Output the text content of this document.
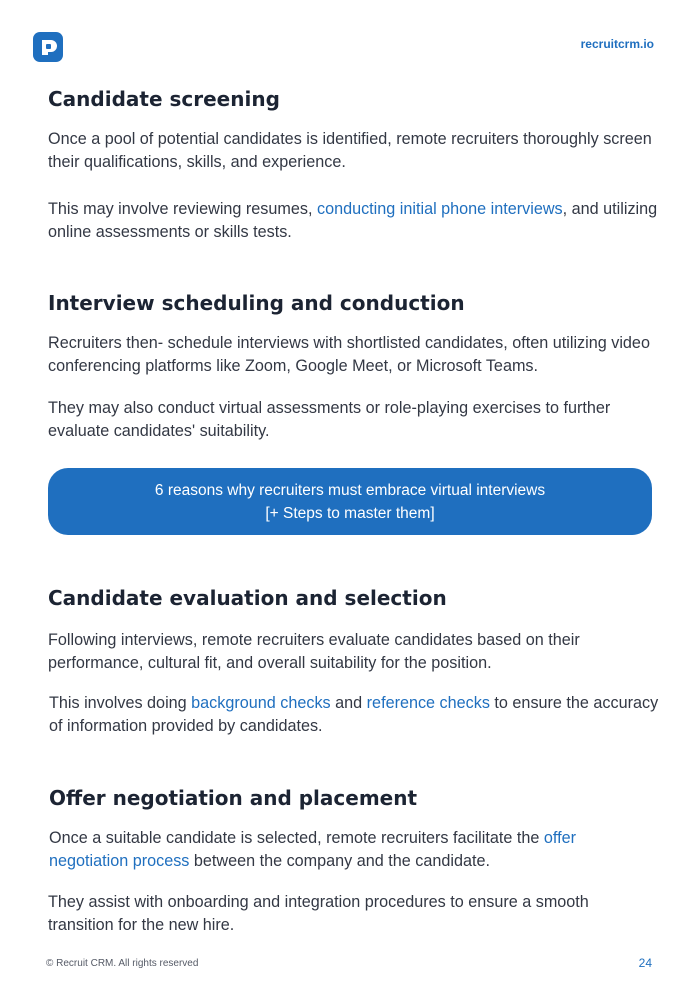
recruitcrm.io
Candidate screening

Once a pool of potential candidates is identified, remote recruiters thoroughly screen their qualifications, skills, and experience.

This may involve reviewing resumes, conducting initial phone interviews, and utilizing online assessments or skills tests.

Interview scheduling and conduction

Recruiters then- schedule interviews with shortlisted candidates, often utilizing video conferencing platforms like Zoom, Google Meet, or Microsoft Teams.

They may also conduct virtual assessments or role-playing exercises to further evaluate candidates' suitability.

6 reasons why recruiters must embrace virtual interviews
[+ Steps to master them]
Candidate evaluation and selection

Following interviews, remote recruiters evaluate candidates based on their performance, cultural fit, and overall suitability for the position.

This involves doing background checks and reference checks to ensure the accuracy of information provided by candidates.

Offer negotiation and placement

Once a suitable candidate is selected, remote recruiters facilitate the offer negotiation process between the company and the candidate.

They assist with onboarding and integration procedures to ensure a smooth transition for the new hire.

© Recruit CRM. All rights reserved	24
